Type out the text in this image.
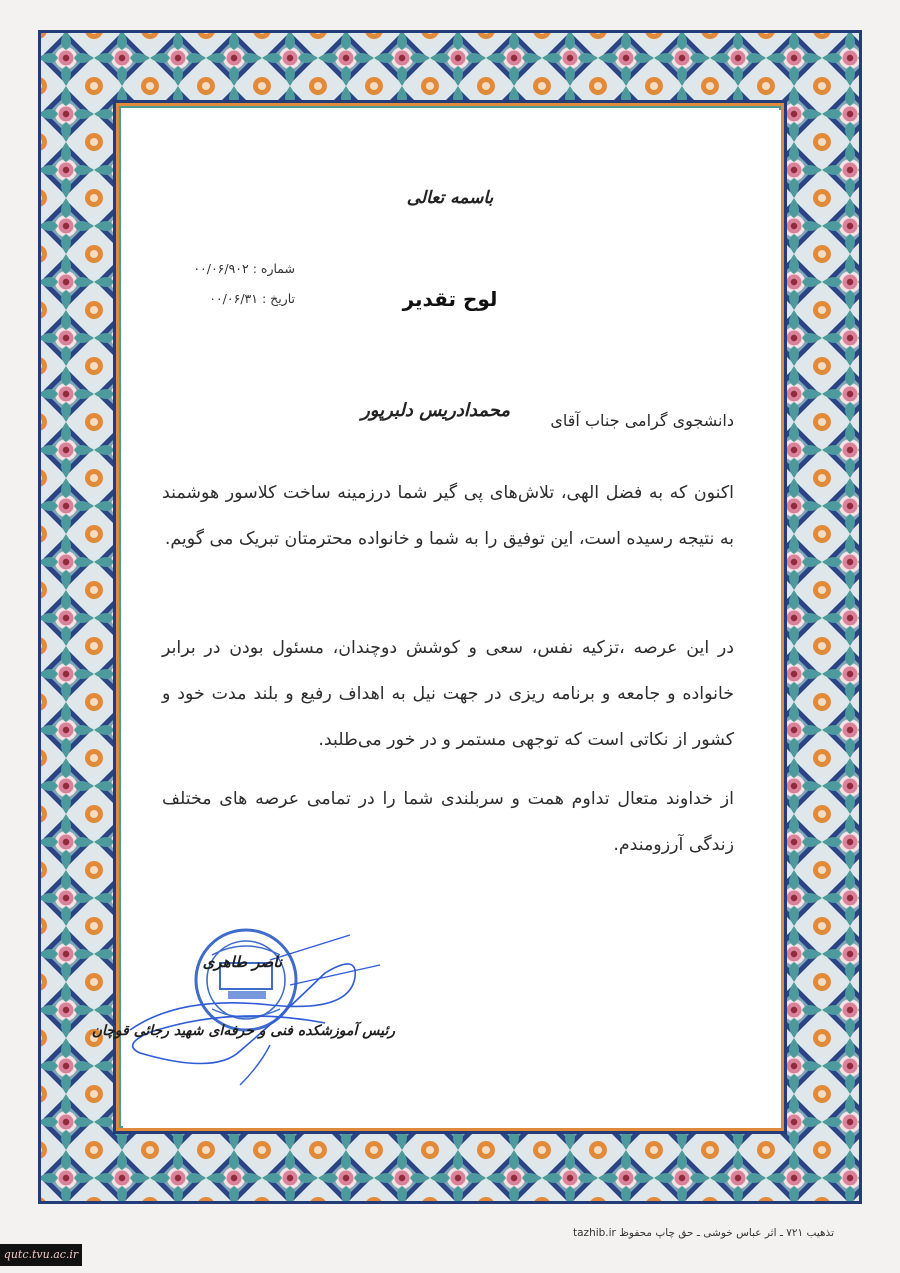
باسمه تعالی
شماره : ۰۰/۰۶/۹۰۲
تاریخ : ۰۰/۰۶/۳۱	لوح تقدیر
دانشجوی گرامی جناب آقای
محمدادریس دلبرپور
اکنون که به فضل الهی، تلاش‌های پی گیر شما درزمینه ساخت کلاسور هوشمند به نتیجه رسیده است، این توفیق را به شما و خانواده محترمتان تبریک می گویم.
در این عرصه ،تزکیه نفس، سعی و کوشش دوچندان، مسئول بودن در برابر خانواده و جامعه و برنامه ریزی در جهت نیل به اهداف رفیع و بلند مدت خود و کشور از نکاتی است که توجهی مستمر و در خور می‌طلبد.
از خداوند متعال تداوم همت و سربلندی شما را در تمامی عرصه های مختلف زندگی آرزومندم.
ناصر طاهری
رئیس آموزشکده فنی و حرفه‌ای شهید رجائی قوچان
تذهیب ۷۲۱ ـ اثر عباس خوشی ـ حق چاپ محفوظ
tazhib.ir
qutc.tvu.ac.ir
